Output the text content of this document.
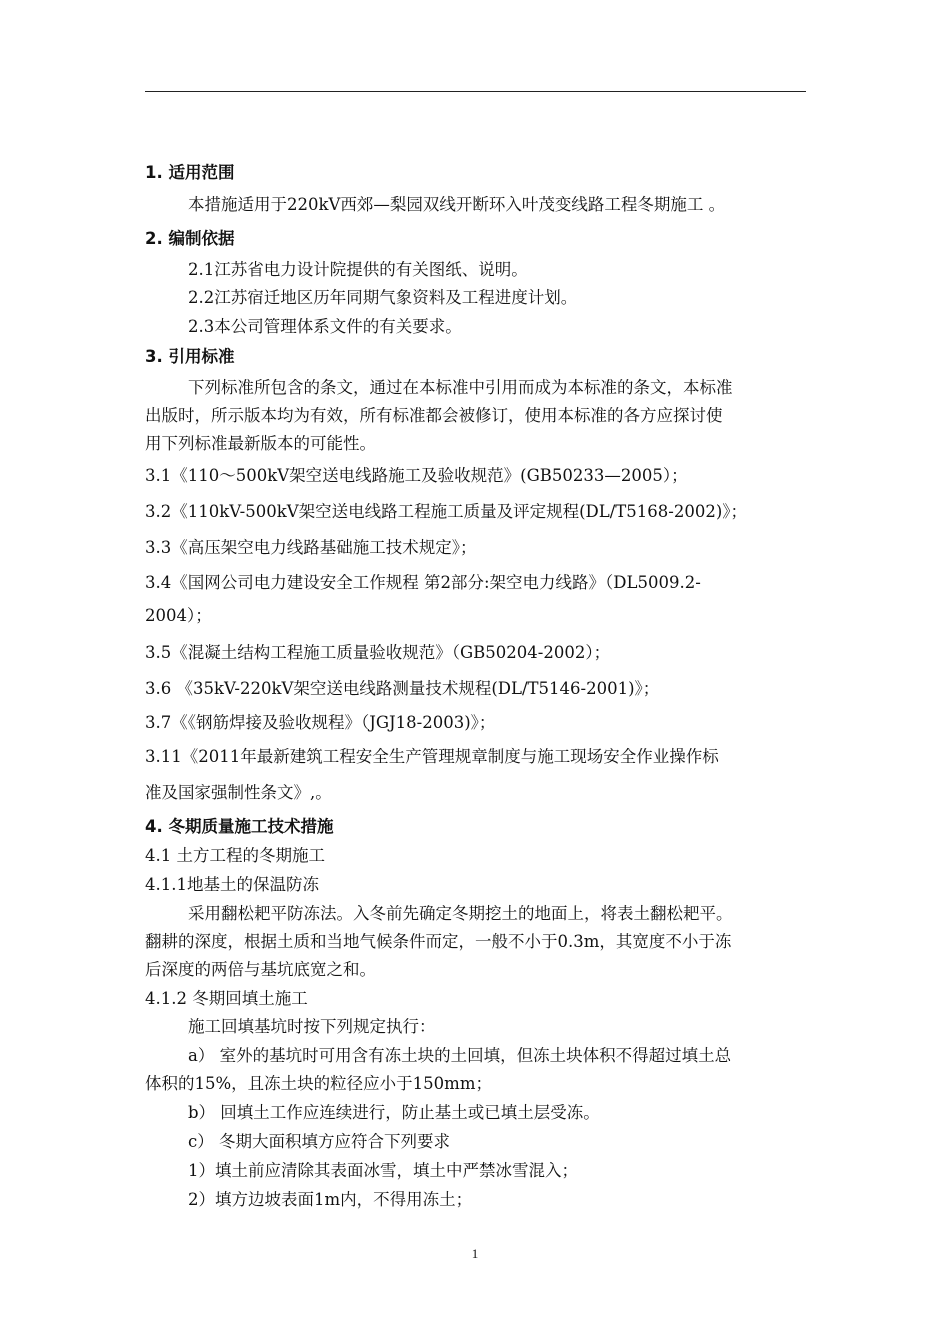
1. 适用范围
本措施适用于220kV西郊—梨园双线开断环入叶茂变线路工程冬期施工 。
2. 编制依据
2.1江苏省电力设计院提供的有关图纸、说明。
2.2江苏宿迁地区历年同期气象资料及工程进度计划。
2.3本公司管理体系文件的有关要求。
3. 引用标准
下列标准所包含的条文，通过在本标准中引用而成为本标准的条文，本标准
出版时，所示版本均为有效，所有标准都会被修订，使用本标准的各方应探讨使
用下列标准最新版本的可能性。
3.1《110～500kV架空送电线路施工及验收规范》(GB50233—2005）；
3.2《110kV-500kV架空送电线路工程施工质量及评定规程(DL/T5168-2002)》；
3.3《高压架空电力线路基础施工技术规定》；
3.4《国网公司电力建设安全工作规程 第2部分:架空电力线路》（DL5009.2-
2004）；
3.5《混凝土结构工程施工质量验收规范》（GB50204-2002）；
3.6 《35kV-220kV架空送电线路测量技术规程(DL/T5146-2001)》；
3.7《《钢筋焊接及验收规程》（JGJ18-2003)》；
3.11《2011年最新建筑工程安全生产管理规章制度与施工现场安全作业操作标
准及国家强制性条文》,。
4. 冬期质量施工技术措施
4.1 土方工程的冬期施工
4.1.1地基土的保温防冻
采用翻松耙平防冻法。入冬前先确定冬期挖土的地面上，将表土翻松耙平。
翻耕的深度，根据土质和当地气候条件而定，一般不小于0.3m，其宽度不小于冻
后深度的两倍与基坑底宽之和。
4.1.2 冬期回填土施工
施工回填基坑时按下列规定执行：
a） 室外的基坑时可用含有冻土块的土回填，但冻土块体积不得超过填土总
体积的15%，且冻土块的粒径应小于150mm；
b） 回填土工作应连续进行，防止基土或已填土层受冻。
c） 冬期大面积填方应符合下列要求
1）填土前应清除其表面冰雪，填土中严禁冰雪混入；
2）填方边坡表面1m内，不得用冻土；
1
